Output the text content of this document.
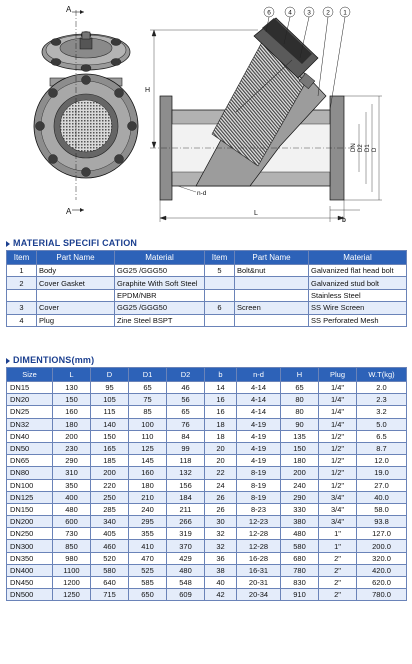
A
A
6	4 3 2 1
H
L
b
n-d
DN D2 D1 D
MATERIAL SPECIFI CATION
Item	Part Name	Material	Item	Part Name	Material
1	Body	GG25 /GGG50	5	Bolt&nut	Galvanized flat head bolt
2	Cover Gasket	Graphite With Soft Steel			Galvanized stud bolt
		EPDM/NBR			Stainless Steel
3	Cover	GG25 /GGG50	6	Screen	SS Wire Screen
4	Plug	Zine Steel BSPT			SS Perforated Mesh
DIMENTIONS(mm)
Size	L	D	D1	D2	b	n-d	H	Plug	W.T(kg)
DN15	130	95	65	46	14	4-14	65	1/4"	2.0
DN20	150	105	75	56	16	4-14	80	1/4"	2.3
DN25	160	115	85	65	16	4-14	80	1/4"	3.2
DN32	180	140	100	76	18	4-19	90	1/4"	5.0
DN40	200	150	110	84	18	4-19	135	1/2"	6.5
DN50	230	165	125	99	20	4-19	150	1/2"	8.7
DN65	290	185	145	118	20	4-19	180	1/2"	12.0
DN80	310	200	160	132	22	8-19	200	1/2"	19.0
DN100	350	220	180	156	24	8-19	240	1/2"	27.0
DN125	400	250	210	184	26	8-19	290	3/4"	40.0
DN150	480	285	240	211	26	8-23	330	3/4"	58.0
DN200	600	340	295	266	30	12-23	380	3/4"	93.8
DN250	730	405	355	319	32	12-28	480	1"	127.0
DN300	850	460	410	370	32	12-28	580	1"	200.0
DN350	980	520	470	429	36	16-28	680	2"	320.0
DN400	1100	580	525	480	38	16-31	780	2"	420.0
DN450	1200	640	585	548	40	20-31	830	2"	620.0
DN500	1250	715	650	609	42	20-34	910	2"	780.0
